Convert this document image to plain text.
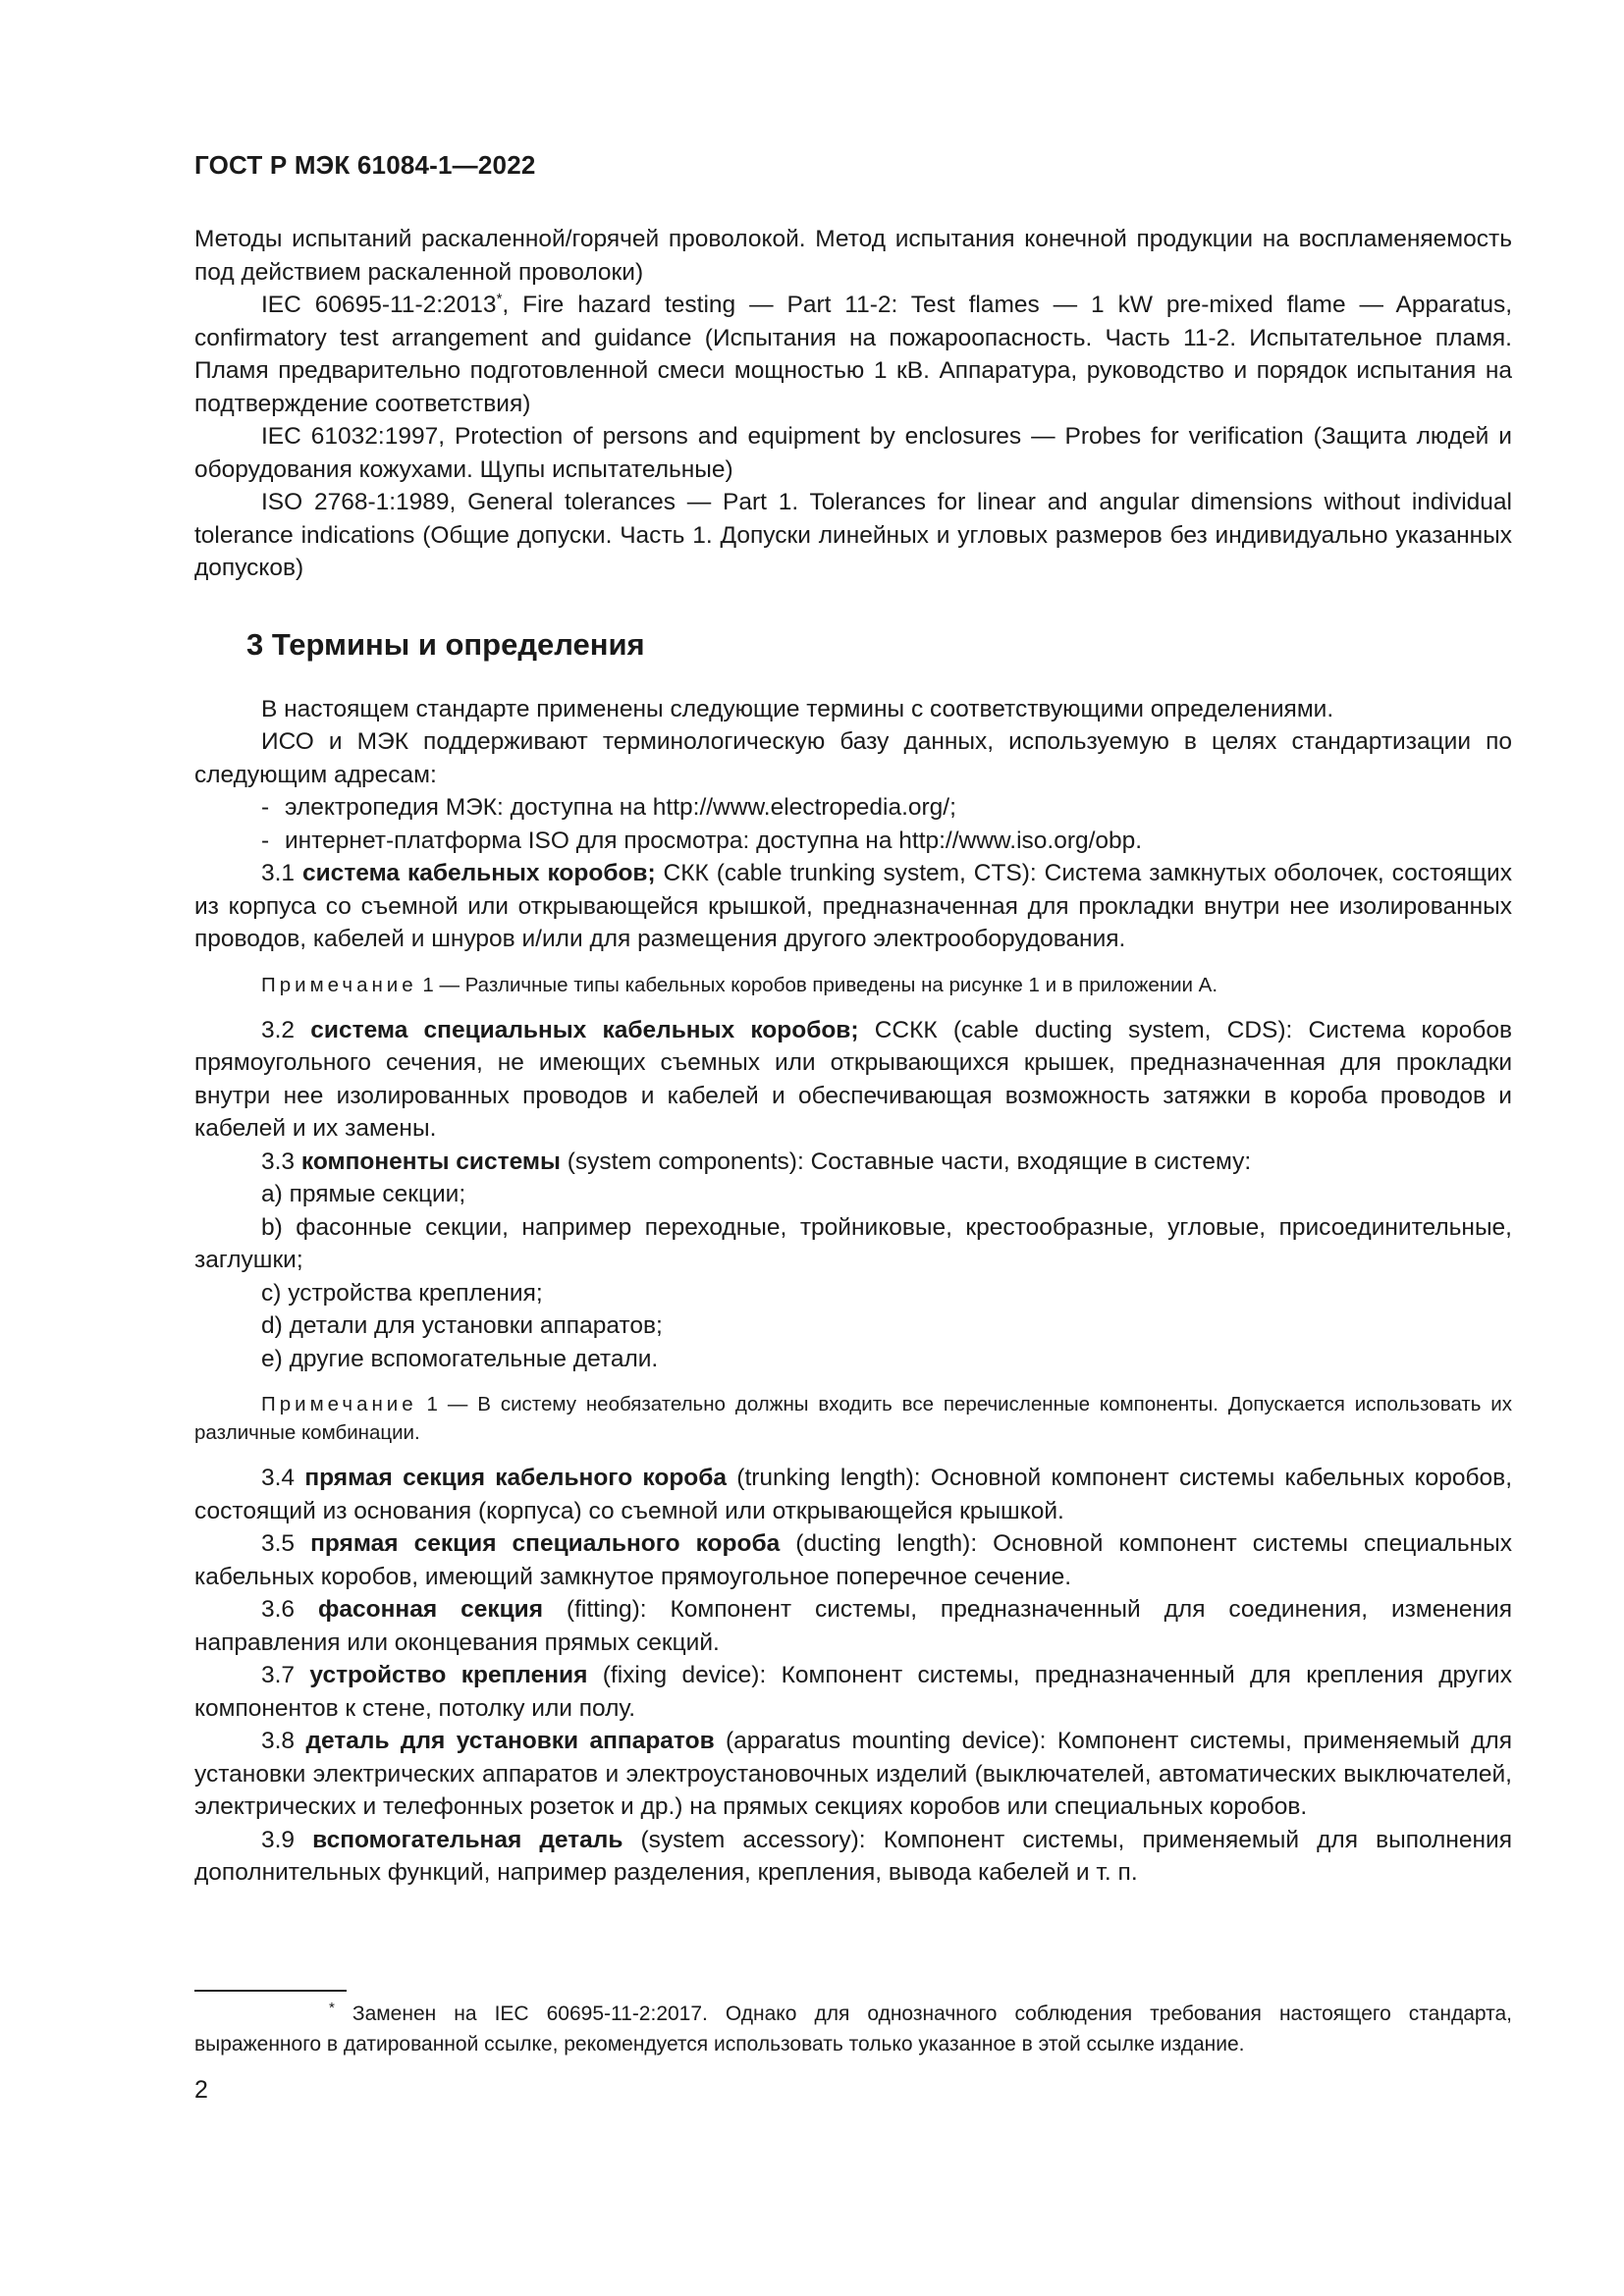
ГОСТ Р МЭК 61084-1—2022

Методы испытаний раскаленной/горячей проволокой. Метод испытания конечной продукции на воспламеняемость под действием раскаленной проволоки)

IEC 60695-11-2:2013*, Fire hazard testing — Part 11-2: Test flames — 1 kW pre-mixed flame — Apparatus, confirmatory test arrangement and guidance (Испытания на пожароопасность. Часть 11-2. Испытательное пламя. Пламя предварительно подготовленной смеси мощностью 1 кВ. Аппаратура, руководство и порядок испытания на подтверждение соответствия)

IEC 61032:1997, Protection of persons and equipment by enclosures — Probes for verification (Защита людей и оборудования кожухами. Щупы испытательные)

ISO 2768-1:1989, General tolerances — Part 1. Tolerances for linear and angular dimensions without individual tolerance indications (Общие допуски. Часть 1. Допуски линейных и угловых размеров без индивидуально указанных допусков)

3 Термины и определения

В настоящем стандарте применены следующие термины с соответствующими определениями.

ИСО и МЭК поддерживают терминологическую базу данных, используемую в целях стандартизации по следующим адресам:

- электропедия МЭК: доступна на http://www.electropedia.org/;

- интернет-платформа ISO для просмотра: доступна на http://www.iso.org/obp.

3.1 система кабельных коробов; СКК (cable trunking system, CTS): Система замкнутых оболочек, состоящих из корпуса со съемной или открывающейся крышкой, предназначенная для прокладки внутри нее изолированных проводов, кабелей и шнуров и/или для размещения другого электрооборудования.

Примечание 1 — Различные типы кабельных коробов приведены на рисунке 1 и в приложении А.

3.2 система специальных кабельных коробов; ССКК (cable ducting system, CDS): Система коробов прямоугольного сечения, не имеющих съемных или открывающихся крышек, предназначенная для прокладки внутри нее изолированных проводов и кабелей и обеспечивающая возможность затяжки в короба проводов и кабелей и их замены.

3.3 компоненты системы (system components): Составные части, входящие в систему:

a) прямые секции;

b) фасонные секции, например переходные, тройниковые, крестообразные, угловые, присоединительные, заглушки;

c) устройства крепления;

d) детали для установки аппаратов;

e) другие вспомогательные детали.

Примечание 1 — В систему необязательно должны входить все перечисленные компоненты. Допускается использовать их различные комбинации.

3.4 прямая секция кабельного короба (trunking length): Основной компонент системы кабельных коробов, состоящий из основания (корпуса) со съемной или открывающейся крышкой.

3.5 прямая секция специального короба (ducting length): Основной компонент системы специальных кабельных коробов, имеющий замкнутое прямоугольное поперечное сечение.

3.6 фасонная секция (fitting): Компонент системы, предназначенный для соединения, изменения направления или оконцевания прямых секций.

3.7 устройство крепления (fixing device): Компонент системы, предназначенный для крепления других компонентов к стене, потолку или полу.

3.8 деталь для установки аппаратов (apparatus mounting device): Компонент системы, применяемый для установки электрических аппаратов и электроустановочных изделий (выключателей, автоматических выключателей, электрических и телефонных розеток и др.) на прямых секциях коробов или специальных коробов.

3.9 вспомогательная деталь (system accessory): Компонент системы, применяемый для выполнения дополнительных функций, например разделения, крепления, вывода кабелей и т. п.

* Заменен на IEC 60695-11-2:2017. Однако для однозначного соблюдения требования настоящего стандарта, выраженного в датированной ссылке, рекомендуется использовать только указанное в этой ссылке издание.

2
